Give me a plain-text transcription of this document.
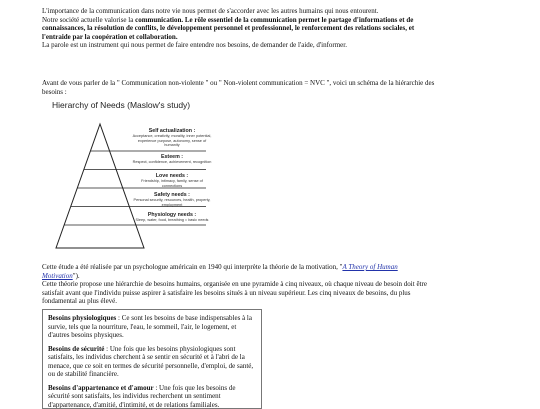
L'importance de la communication dans notre vie nous permet de s'accorder avec les autres humains qui nous entourent.

Notre société actuelle valorise la communication. Le rôle essentiel de la communication permet le partage d'informations et de connaissances, la résolution de conflits, le développement personnel et professionnel, le renforcement des relations sociales, et l'entraide par la coopération et collaboration.

La parole est un instrument qui nous permet de faire entendre nos besoins, de demander de l'aide, d'informer.

Avant de vous parler de la " Communication non-violente " ou " Non-violent communication = NVC ", voici un schéma de la hiérarchie des besoins :

Hierarchy of Needs (Maslow's study)
Self actualization :
Acceptance, creativity, morality, inner potential, experience purpose, autonomy, sense of humanity
Esteem :
Respect, confidence, achievement, recognition
Love needs :
Friendship, intimacy, family, sense of connections
Safety needs :
Personal security, resources, health, property, employment
Physiology needs :
Sleep, water, food, breathing = basic needs

Cette étude a été réalisée par un psychologue américain en 1940 qui interprète la théorie de la motivation, "A Theory of Human Motivation").

Cette théorie propose une hiérarchie de besoins humains, organisée en une pyramide à cinq niveaux, où chaque niveau de besoin doit être satisfait avant que l'individu puisse aspirer à satisfaire les besoins situés à un niveau supérieur. Les cinq niveaux de besoins, du plus fondamental au plus élevé.

Besoins physiologiques : Ce sont les besoins de base indispensables à la survie, tels que la nourriture, l'eau, le sommeil, l'air, le logement, et d'autres besoins physiques.

Besoins de sécurité : Une fois que les besoins physiologiques sont satisfaits, les individus cherchent à se sentir en sécurité et à l'abri de la menace, que ce soit en termes de sécurité personnelle, d'emploi, de santé, ou de stabilité financière.

Besoins d'appartenance et d'amour : Une fois que les besoins de sécurité sont satisfaits, les individus recherchent un sentiment d'appartenance, d'amitié, d'intimité, et de relations familiales.
